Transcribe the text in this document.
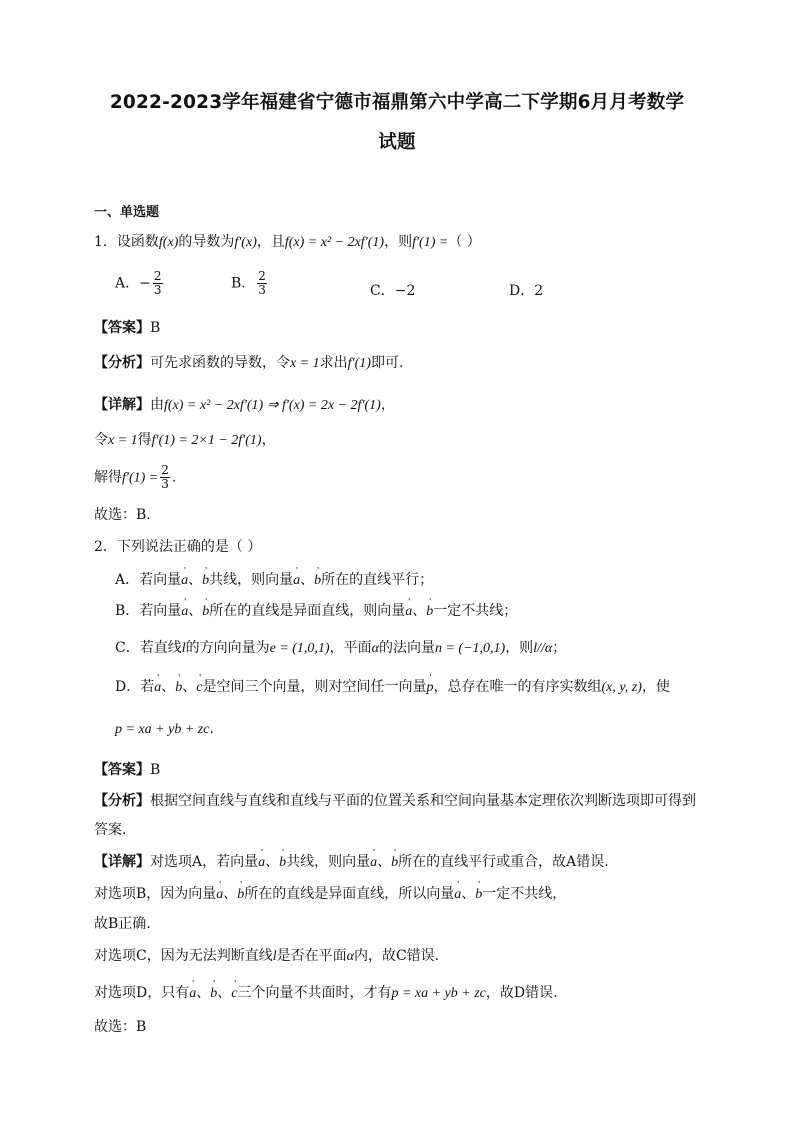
2022-2023学年福建省宁德市福鼎第六中学高二下学期6月月考数学
试题
一、单选题
1．设函数f(x)的导数为f′(x)，且f(x) = x² − 2xf′(1)，则f′(1) =（ ）
A．− $\frac{2}{3}$	B． $\frac{2}{3}$	C．−2	D．2
【答案】B
【分析】可先求函数的导数，令x = 1求出f′(1)即可.
【详解】由f(x) = x² − 2xf′(1) ⇒ f′(x) = 2x − 2f′(1)，
令x = 1得f′(1) = 2×1 − 2f′(1)，
解得$f'(1) = \frac{2}{3}$ .
故选：B.
2．下列说法正确的是（ ）
A．若向量' a、' b共线，则向量' a、' b所在的直线平行；
B．若向量' a、' b所在的直线是异面直线，则向量' a、' b一定不共线；
C．若直线l的方向向量为e = (1,0,1)，平面α的法向量n = (−1,0,1)，则l//α；
D．若' a、' b、' c是空间三个向量，则对空间任一向量' p，总存在唯一的有序实数组(x, y, z)，使
p = xa + yb + zc.
【答案】B
【分析】根据空间直线与直线和直线与平面的位置关系和空间向量基本定理依次判断选项即可得到
答案.
【详解】对选项A，若向量' a、' b共线，则向量' a、' b所在的直线平行或重合，故A错误.
对选项B，因为向量' a、' b所在的直线是异面直线，所以向量' a、' b一定不共线，
故B正确.
对选项C，因为无法判断直线l是否在平面α内，故C错误.
对选项D，只有' a、' b、' c三个向量不共面时，才有p = xa + yb + zc，故D错误.
故选：B
